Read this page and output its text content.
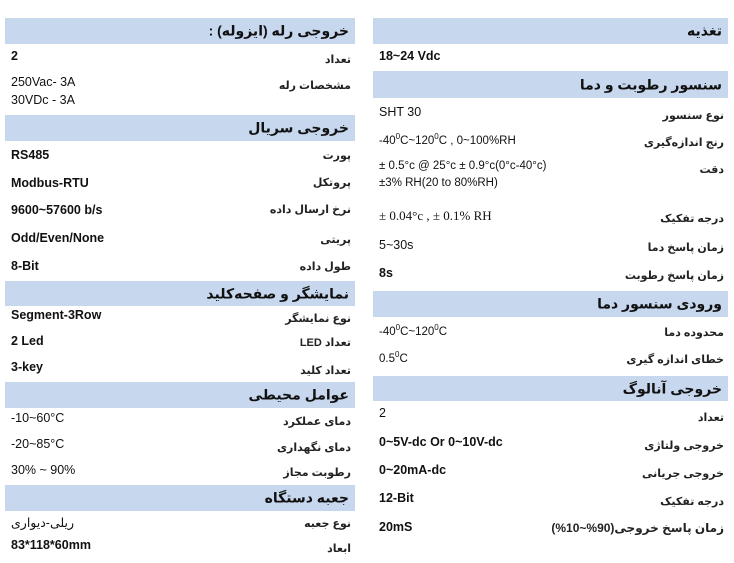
تغذیه
18~24 Vdc
سنسور رطوبت و دما
SHT 30	نوع سنسور
$-40^0C\sim 120^0C$ , 0~100%RH	رنج اندازه‌گیری
± 0.5°c @ 25°c ± 0.9°c(0°c-40°c)
±3% RH(20 to 80%RH)
دقت
± 0.04°c , ± 0.1% RH	درجه تفکیک
5~30s	زمان پاسخ دما
8s	زمان پاسخ رطوبت
ورودی سنسور دما
$-40^0C\sim 120^0C$	محدوده دما
$0.5^0C$	خطای اندازه گیری
خروجی آنالوگ
2	تعداد
0~5V-dc Or 0~10V-dc	خروجی ولتاژی
0~20mA-dc	خروجی جریانی
12-Bit	درجه تفکیک
20mS	زمان پاسخ خروجی(90%~10%)
خروجی رله (ایزوله) :
2	تعداد
250Vac- 3A
30VDc - 3A
مشخصات رله
خروجی سریال
RS485	پورت
Modbus-RTU	پروتکل
9600~57600 b/s	نرخ ارسال داده
Odd/Even/None	پریتی
8-Bit	طول داده
نمایشگر و صفحه‌کلید
Segment-3Row	نوع نمایشگر
2 Led	تعداد LED
3-key	تعداد کلید
عوامل محیطی
-10~60°C	دمای عملکرد
-20~85°C	دمای نگهداری
30% ~ 90%	رطوبت مجاز
جعبه دستگاه
ریلی-دیواری	نوع جعبه
83*118*60mm	ابعاد
